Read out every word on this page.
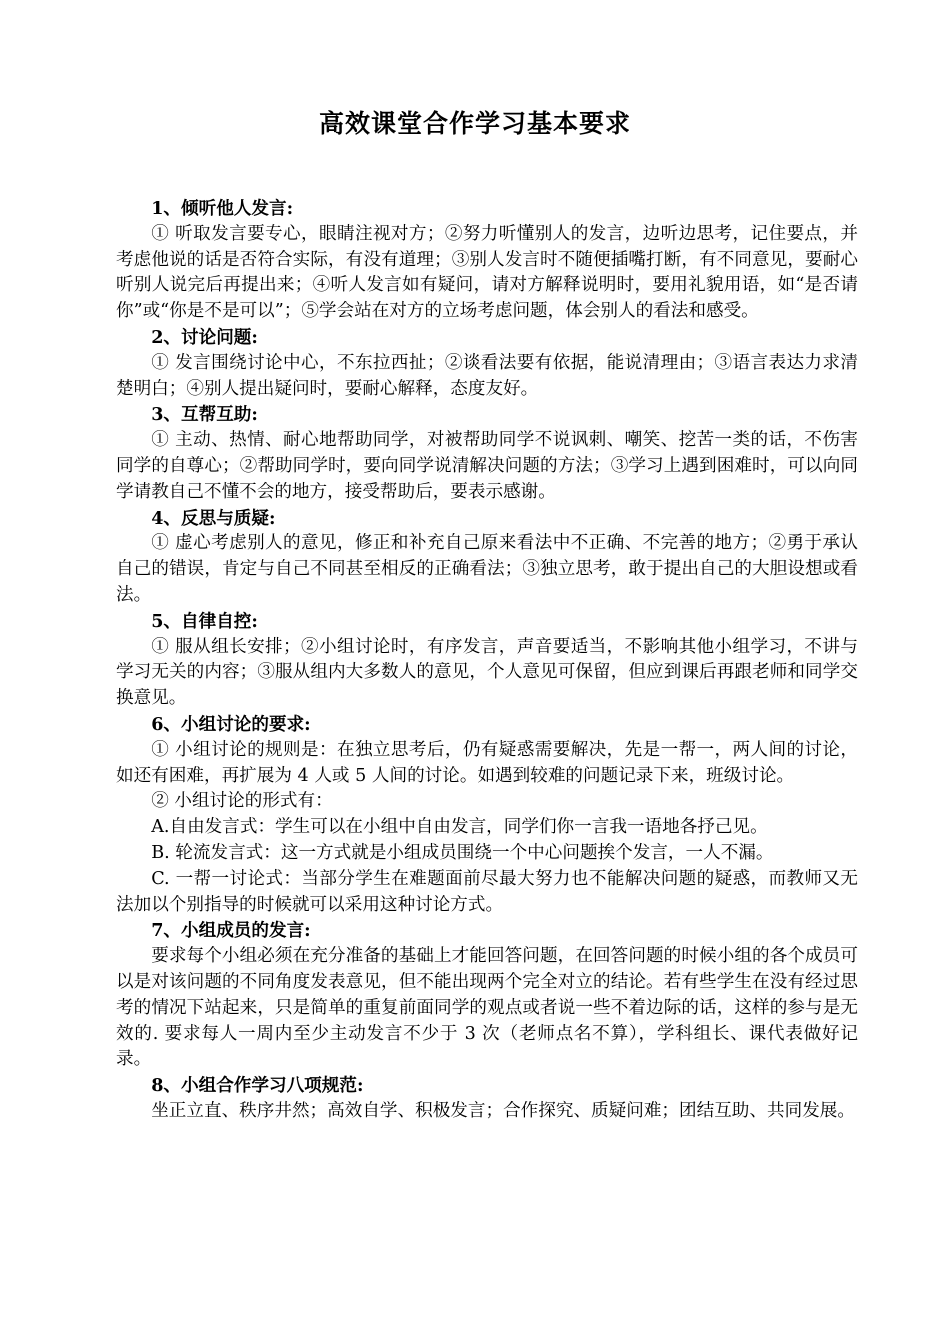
高效课堂合作学习基本要求

1、倾听他人发言:

① 听取发言要专心，眼睛注视对方；②努力听懂别人的发言，边听边思考，记住要点，并考虑他说的话是否符合实际，有没有道理；③别人发言时不随便插嘴打断，有不同意见，要耐心听别人说完后再提出来；④听人发言如有疑问，请对方解释说明时，要用礼貌用语，如“是否请你”或“你是不是可以”；⑤学会站在对方的立场考虑问题，体会别人的看法和感受。

2、讨论问题:

① 发言围绕讨论中心，不东拉西扯；②谈看法要有依据，能说清理由；③语言表达力求清楚明白；④别人提出疑问时，要耐心解释，态度友好。

3、互帮互助:

① 主动、热情、耐心地帮助同学，对被帮助同学不说讽刺、嘲笑、挖苦一类的话，不伤害同学的自尊心；②帮助同学时，要向同学说清解决问题的方法；③学习上遇到困难时，可以向同学请教自己不懂不会的地方，接受帮助后，要表示感谢。

4、反思与质疑:

① 虚心考虑别人的意见，修正和补充自己原来看法中不正确、不完善的地方；②勇于承认自己的错误，肯定与自己不同甚至相反的正确看法；③独立思考，敢于提出自己的大胆设想或看法。

5、自律自控:

① 服从组长安排；②小组讨论时，有序发言，声音要适当，不影响其他小组学习，不讲与学习无关的内容；③服从组内大多数人的意见，个人意见可保留，但应到课后再跟老师和同学交换意见。

6、小组讨论的要求:

① 小组讨论的规则是：在独立思考后，仍有疑惑需要解决，先是一帮一，两人间的讨论，如还有困难，再扩展为 4 人或 5 人间的讨论。如遇到较难的问题记录下来，班级讨论。

② 小组讨论的形式有：

A.自由发言式：学生可以在小组中自由发言，同学们你一言我一语地各抒己见。

B. 轮流发言式：这一方式就是小组成员围绕一个中心问题挨个发言，一人不漏。

C. 一帮一讨论式：当部分学生在难题面前尽最大努力也不能解决问题的疑惑，而教师又无法加以个别指导的时候就可以采用这种讨论方式。

7、小组成员的发言:

要求每个小组必须在充分准备的基础上才能回答问题，在回答问题的时候小组的各个成员可以是对该问题的不同角度发表意见，但不能出现两个完全对立的结论。若有些学生在没有经过思考的情况下站起来，只是简单的重复前面同学的观点或者说一些不着边际的话，这样的参与是无效的. 要求每人一周内至少主动发言不少于 3 次（老师点名不算），学科组长、课代表做好记录。

8、小组合作学习八项规范:

坐正立直、秩序井然；高效自学、积极发言；合作探究、质疑问难；团结互助、共同发展。
